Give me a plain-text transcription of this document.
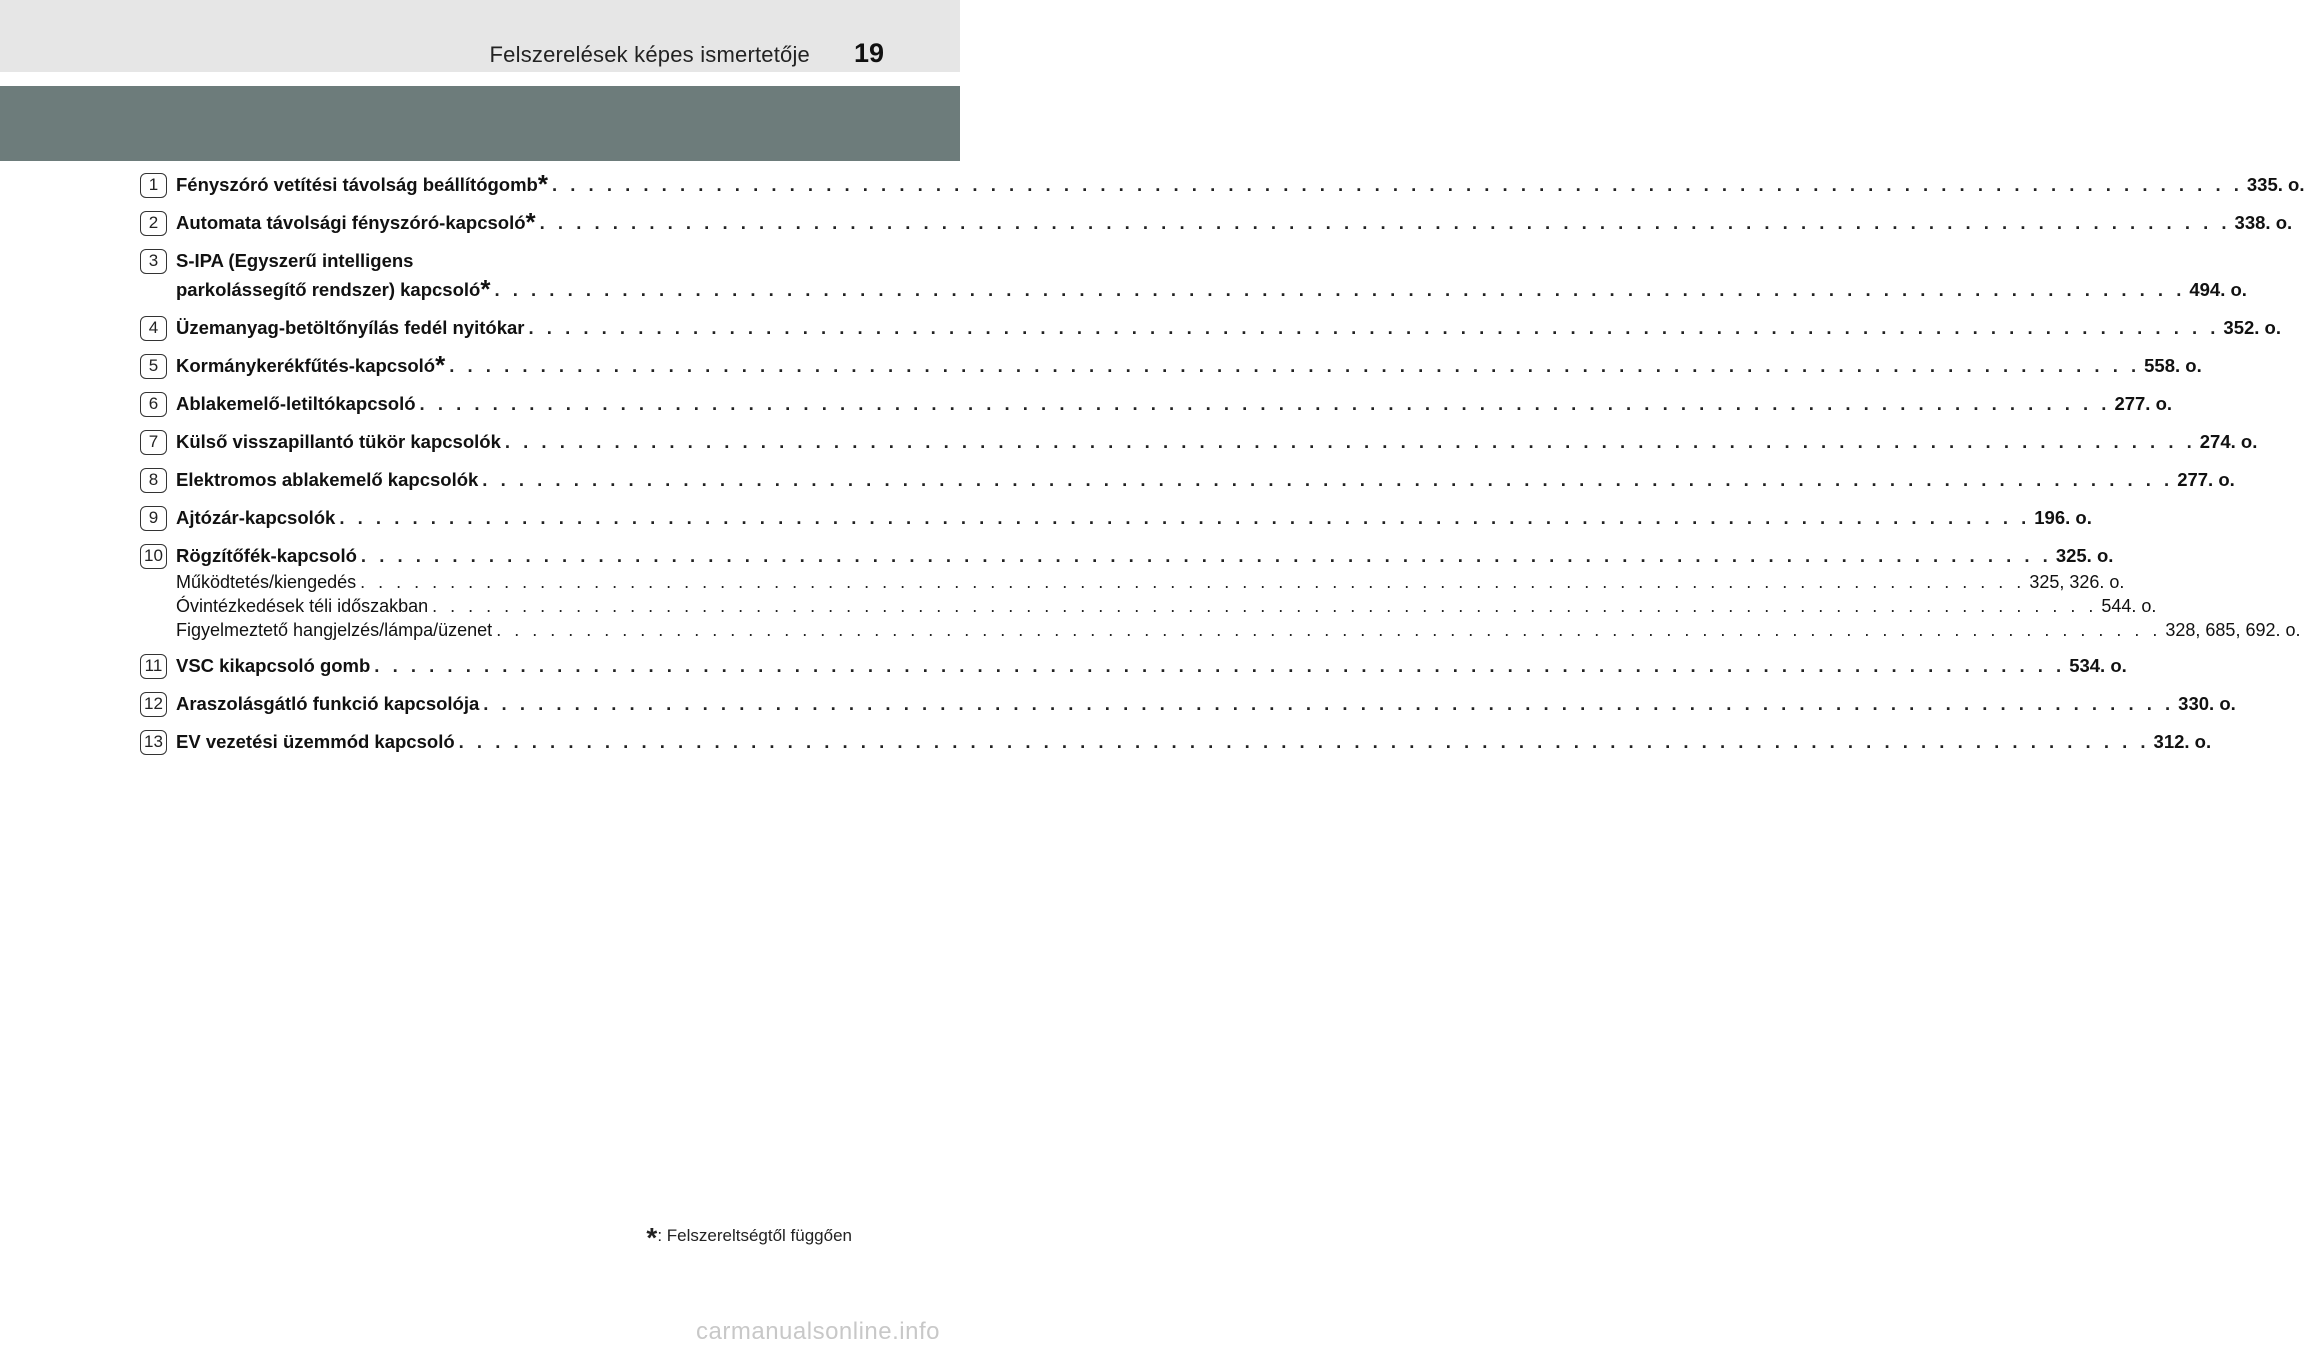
Felszerelések képes ismertetője 19
1 Fényszóró vetítési távolság beállítógomb* . . . . . . . . . . . . . . . . . . . . . . . . . . . . . . . . . . . . . . . . . . . . . . . . . . . . . . . . . . . . . . . . . . . . . . . . . . . . . . . . . . . . . . . . . . . . . 335. o.
2 Automata távolsági fényszóró-kapcsoló* . . . . . . . . . . . . . . . . . . . . . . . . . . . . . . . . . . . . . . . . . . . . . . . . . . . . . . . . . . . . . . . . . . . . . . . . . . . . . . . . . . . . . . . . . . . . . 338. o.
3 S-IPA (Egyszerű intelligens
parkolássegítő rendszer) kapcsoló* . . . . . . . . . . . . . . . . . . . . . . . . . . . . . . . . . . . . . . . . . . . . . . . . . . . . . . . . . . . . . . . . . . . . . . . . . . . . . . . . . . . . . . . . . . . . . 494. o.
4 Üzemanyag-betöltőnyílás fedél nyitókar . . . . . . . . . . . . . . . . . . . . . . . . . . . . . . . . . . . . . . . . . . . . . . . . . . . . . . . . . . . . . . . . . . . . . . . . . . . . . . . . . . . . . . . . . . . . . 352. o.
5 Kormánykerékfűtés-kapcsoló* . . . . . . . . . . . . . . . . . . . . . . . . . . . . . . . . . . . . . . . . . . . . . . . . . . . . . . . . . . . . . . . . . . . . . . . . . . . . . . . . . . . . . . . . . . . . . 558. o.
6 Ablakemelő-letiltókapcsoló . . . . . . . . . . . . . . . . . . . . . . . . . . . . . . . . . . . . . . . . . . . . . . . . . . . . . . . . . . . . . . . . . . . . . . . . . . . . . . . . . . . . . . . . . . . . . 277. o.
7 Külső visszapillantó tükör kapcsolók . . . . . . . . . . . . . . . . . . . . . . . . . . . . . . . . . . . . . . . . . . . . . . . . . . . . . . . . . . . . . . . . . . . . . . . . . . . . . . . . . . . . . . . . . . . . . 274. o.
8 Elektromos ablakemelő kapcsolók . . . . . . . . . . . . . . . . . . . . . . . . . . . . . . . . . . . . . . . . . . . . . . . . . . . . . . . . . . . . . . . . . . . . . . . . . . . . . . . . . . . . . . . . . . . . . 277. o.
9 Ajtózár-kapcsolók . . . . . . . . . . . . . . . . . . . . . . . . . . . . . . . . . . . . . . . . . . . . . . . . . . . . . . . . . . . . . . . . . . . . . . . . . . . . . . . . . . . . . . . . . . . . . 196. o.
10 Rögzítőfék-kapcsoló . . . . . . . . . . . . . . . . . . . . . . . . . . . . . . . . . . . . . . . . . . . . . . . . . . . . . . . . . . . . . . . . . . . . . . . . . . . . . . . . . . . . . . . . . . . . . 325. o.
Működtetés/kiengedés . . . . . . . . . . . . . . . . . . . . . . . . . . . . . . . . . . . . . . . . . . . . . . . . . . . . . . . . . . . . . . . . . . . . . . . . . . . . . . . . . . . . . . . . . . . . . 325, 326. o.
Óvintézkedések téli időszakban . . . . . . . . . . . . . . . . . . . . . . . . . . . . . . . . . . . . . . . . . . . . . . . . . . . . . . . . . . . . . . . . . . . . . . . . . . . . . . . . . . . . . . . . . . . . . 544. o.
Figyelmeztető hangjelzés/lámpa/üzenet . . . . . . . . . . . . . . . . . . . . . . . . . . . . . . . . . . . . . . . . . . . . . . . . . . . . . . . . . . . . . . . . . . . . . . . . . . . . . . . . . . . . . . . . . . . . . 328, 685, 692. o.
11 VSC kikapcsoló gomb . . . . . . . . . . . . . . . . . . . . . . . . . . . . . . . . . . . . . . . . . . . . . . . . . . . . . . . . . . . . . . . . . . . . . . . . . . . . . . . . . . . . . . . . . . . . . 534. o.
12 Araszolásgátló funkció kapcsolója . . . . . . . . . . . . . . . . . . . . . . . . . . . . . . . . . . . . . . . . . . . . . . . . . . . . . . . . . . . . . . . . . . . . . . . . . . . . . . . . . . . . . . . . . . . . . 330. o.
13 EV vezetési üzemmód kapcsoló . . . . . . . . . . . . . . . . . . . . . . . . . . . . . . . . . . . . . . . . . . . . . . . . . . . . . . . . . . . . . . . . . . . . . . . . . . . . . . . . . . . . . . . . . . . . . 312. o.
*: Felszereltségtől függően
carmanualsonline.info
